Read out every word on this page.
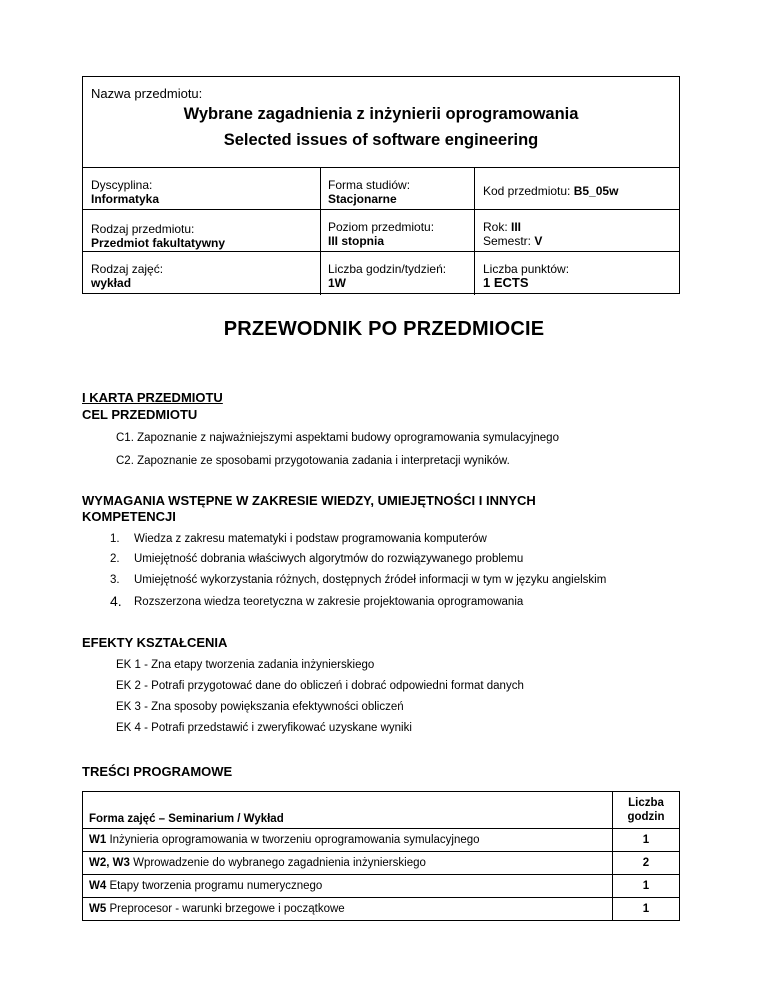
Nazwa przedmiotu:
Wybrane zagadnienia z inżynierii oprogramowania
Selected issues of software engineering
Dyscyplina:
Informatyka
Forma studiów:
Stacjonarne
Kod przedmiotu: B5_05w
Rodzaj przedmiotu:
Przedmiot fakultatywny
Poziom przedmiotu:
III stopnia
Rok: III
Semestr: V
Rodzaj zajęć:
wykład
Liczba godzin/tydzień:
1W
Liczba punktów:
1 ECTS
PRZEWODNIK PO PRZEDMIOCIE
I KARTA PRZEDMIOTU
CEL PRZEDMIOTU
C1. Zapoznanie z najważniejszymi aspektami budowy oprogramowania symulacyjnego
C2. Zapoznanie ze sposobami przygotowania zadania i interpretacji wyników.
WYMAGANIA WSTĘPNE W ZAKRESIE WIEDZY, UMIEJĘTNOŚCI I INNYCH
KOMPETENCJI
1. Wiedza z zakresu matematyki i podstaw programowania komputerów
2. Umiejętność dobrania właściwych algorytmów do rozwiązywanego problemu
3. Umiejętność wykorzystania różnych, dostępnych źródeł informacji w tym w języku angielskim
4. Rozszerzona wiedza teoretyczna w zakresie projektowania oprogramowania
EFEKTY KSZTAŁCENIA
EK 1 - Zna etapy tworzenia zadania inżynierskiego
EK 2 - Potrafi przygotować dane do obliczeń i dobrać odpowiedni format danych
EK 3 - Zna sposoby powiększania efektywności obliczeń
EK 4 - Potrafi przedstawić i zweryfikować uzyskane wyniki
TREŚCI PROGRAMOWE
Forma zajęć – Seminarium / Wykład	Liczba
godzin

W1 Inżynieria oprogramowania w tworzeniu oprogramowania symulacyjnego	1
W2, W3 Wprowadzenie do wybranego zagadnienia inżynierskiego	2
W4 Etapy tworzenia programu numerycznego	1
W5 Preprocesor - warunki brzegowe i początkowe	1
